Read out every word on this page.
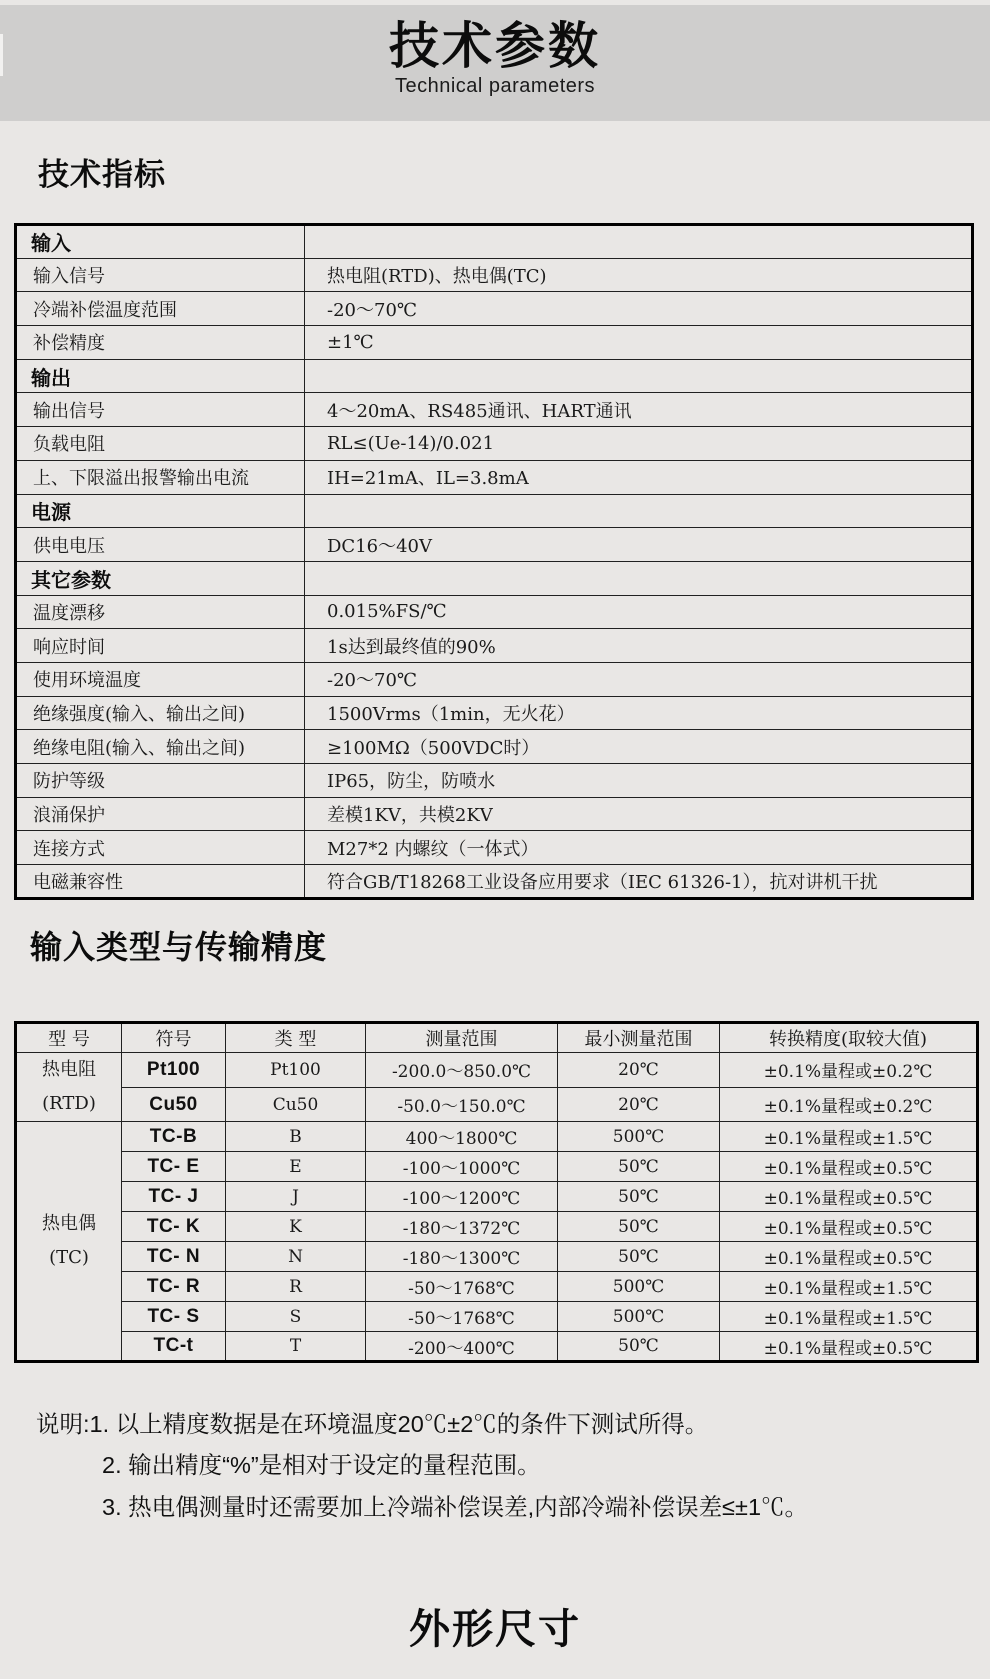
技术参数
Technical parameters
技术指标
输入	
输入信号	热电阻(RTD)、热电偶(TC)
冷端补偿温度范围	-20～70℃
补偿精度	±1℃
输出	
输出信号	4～20mA、RS485通讯、HART通讯
负载电阻	RL≤(Ue-14)/0.021
上、下限溢出报警输出电流	IH=21mA、IL=3.8mA
电源	
供电电压	DC16～40V
其它参数	
温度漂移	0.015%FS/℃
响应时间	1s达到最终值的90%
使用环境温度	-20～70℃
绝缘强度(输入、输出之间)	1500Vrms（1min，无火花）
绝缘电阻(输入、输出之间)	≥100MΩ（500VDC时）
防护等级	IP65，防尘，防喷水
浪涌保护	差模1KV，共模2KV
连接方式	M27*2 内螺纹（一体式）
电磁兼容性	符合GB/T18268工业设备应用要求（IEC 61326-1），抗对讲机干扰
输入类型与传输精度
型 号	符号	类 型	测量范围	最小测量范围	转换精度(取较大值)
热电阻
(RTD)	Pt100	Pt100	-200.0～850.0℃	20℃	±0.1%量程或±0.2℃
	Cu50	Cu50	-50.0～150.0℃	20℃	±0.1%量程或±0.2℃
热电偶
(TC)	TC-B	B	400～1800℃	500℃	±0.1%量程或±1.5℃
	TC- E	E	-100～1000℃	50℃	±0.1%量程或±0.5℃
	TC- J	J	-100～1200℃	50℃	±0.1%量程或±0.5℃
	TC- K	K	-180～1372℃	50℃	±0.1%量程或±0.5℃
	TC- N	N	-180～1300℃	50℃	±0.1%量程或±0.5℃
	TC- R	R	-50～1768℃	500℃	±0.1%量程或±1.5℃
	TC- S	S	-50～1768℃	500℃	±0.1%量程或±1.5℃
	TC-t	T	-200～400℃	50℃	±0.1%量程或±0.5℃
说明:1. 以上精度数据是在环境温度20℃±2℃的条件下测试所得。
2. 输出精度“%”是相对于设定的量程范围。
3. 热电偶测量时还需要加上冷端补偿误差,内部冷端补偿误差≤±1℃。
外形尺寸
